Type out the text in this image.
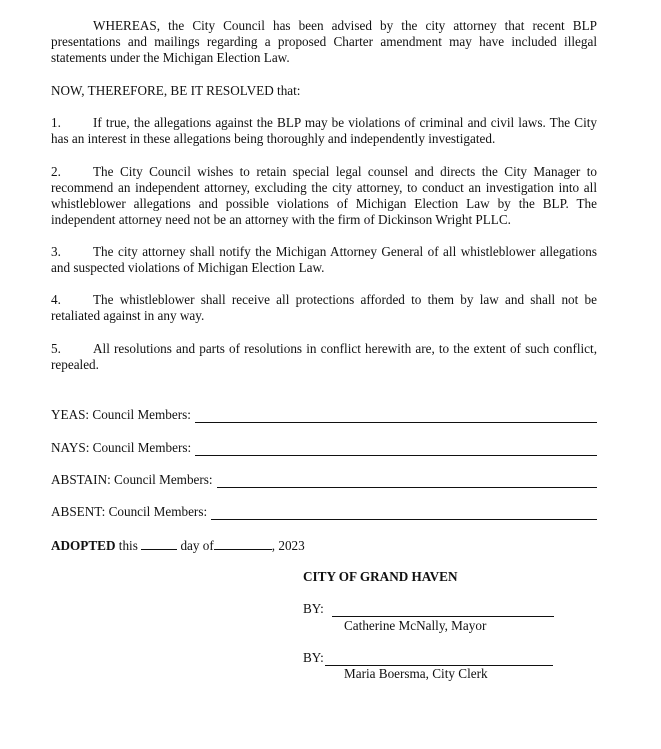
WHEREAS, the City Council has been advised by the city attorney that recent BLP presentations and mailings regarding a proposed Charter amendment may have included illegal statements under the Michigan Election Law.

NOW, THEREFORE, BE IT RESOLVED that:

1. If true, the allegations against the BLP may be violations of criminal and civil laws. The City has an interest in these allegations being thoroughly and independently investigated.

2. The City Council wishes to retain special legal counsel and directs the City Manager to recommend an independent attorney, excluding the city attorney, to conduct an investigation into all whistleblower allegations and possible violations of Michigan Election Law by the BLP. The independent attorney need not be an attorney with the firm of Dickinson Wright PLLC.

3. The city attorney shall notify the Michigan Attorney General of all whistleblower allegations and suspected violations of Michigan Election Law.

4. The whistleblower shall receive all protections afforded to them by law and shall not be retaliated against in any way.

5. All resolutions and parts of resolutions in conflict herewith are, to the extent of such conflict, repealed.

YEAS: Council Members:
NAYS: Council Members:
ABSTAIN: Council Members:
ABSENT: Council Members:
ADOPTED this	day of	, 2023
CITY OF GRAND HAVEN
BY:
Catherine McNally, Mayor
BY:
Maria Boersma, City Clerk
